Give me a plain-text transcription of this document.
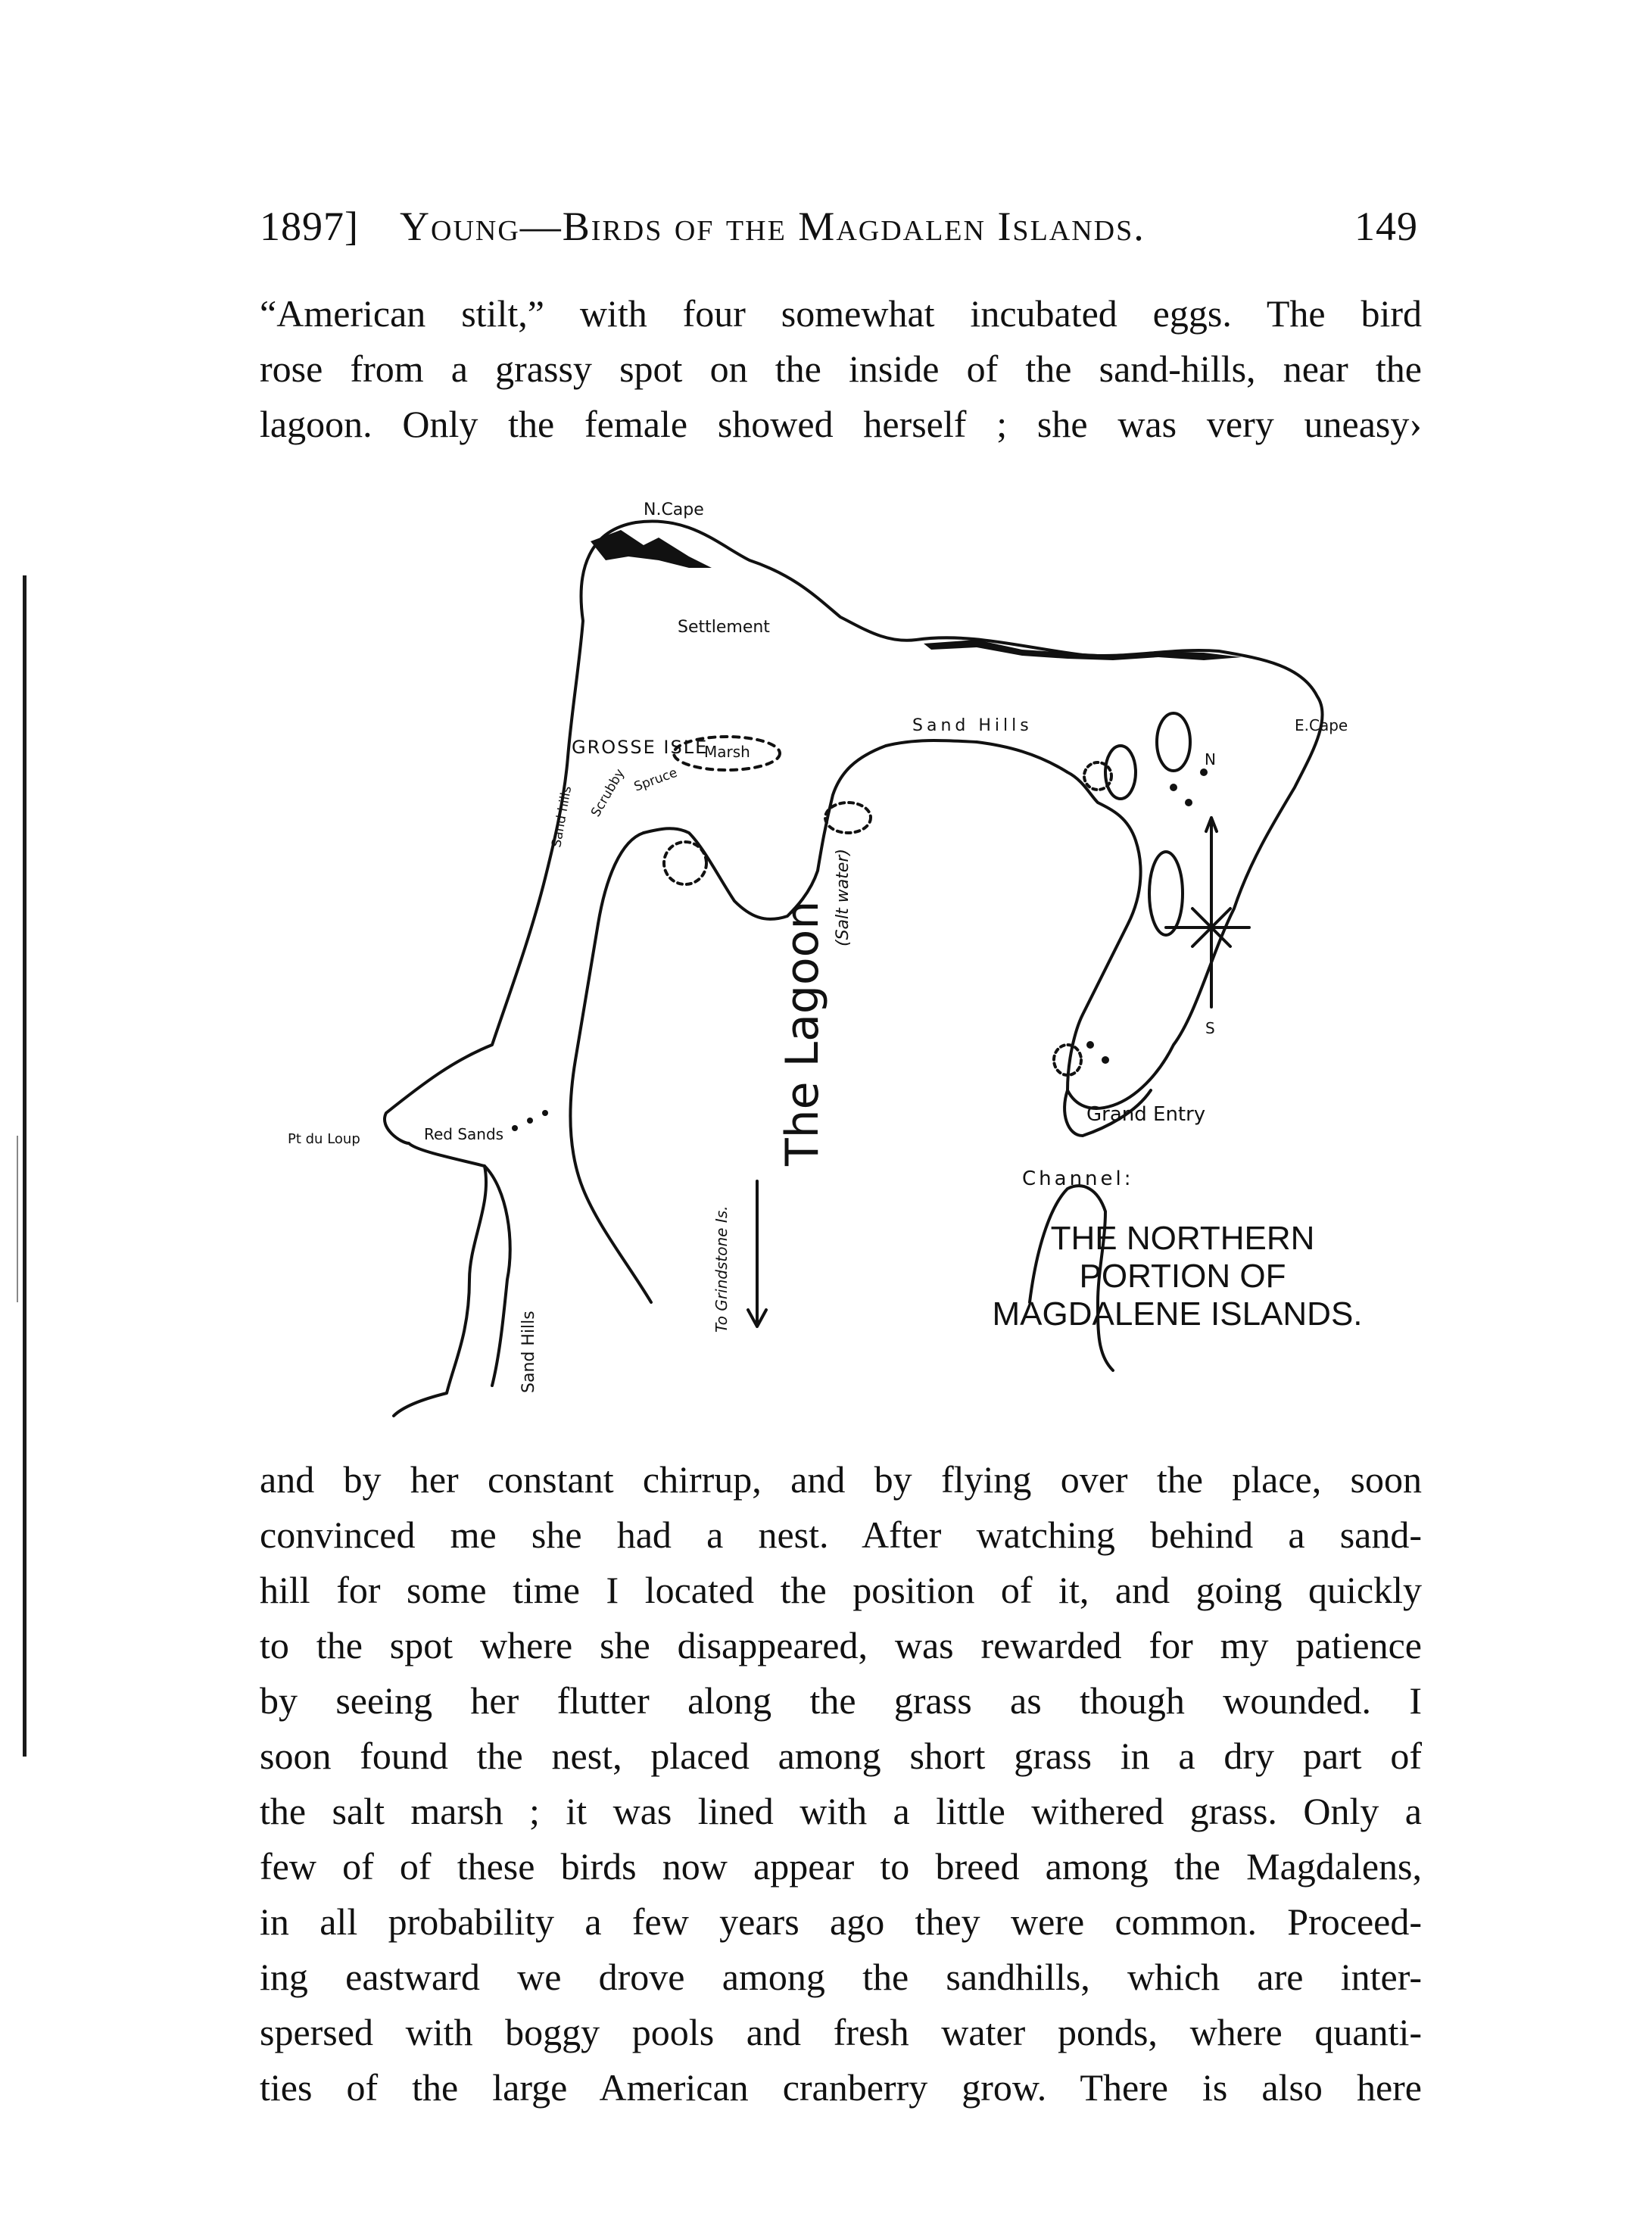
1897] Young—Birds of the Magdalen Islands.	149
“American stilt,” with four somewhat incubated eggs. The bird
rose from a grassy spot on the inside of the sand-hills, near the
lagoon. Only the female showed herself ; she was very uneasy›
N.Cape
Settlement
Marsh
Sand Hills
GROSSE ISLE
Spruce
Scrubby
Sand hills
(Salt water)
The Lagoon
Pt du Loup	Red Sands
To Grindstone Is.
Sand Hills
Grand Entry
Channel:
E.Cape
N
S
THE NORTHERN
PORTION OF
MAGDALENE ISLANDS.
and by her constant chirrup, and by flying over the place, soon
convinced me she had a nest. After watching behind a sand-
hill for some time I located the position of it, and going quickly
to the spot where she disappeared, was rewarded for my patience
by seeing her flutter along the grass as though wounded. I
soon found the nest, placed among short grass in a dry part of
the salt marsh ; it was lined with a little withered grass. Only a
few of of these birds now appear to breed among the Magdalens,
in all probability a few years ago they were common. Proceed-
ing eastward we drove among the sandhills, which are inter-
spersed with boggy pools and fresh water ponds, where quanti-
ties of the large American cranberry grow. There is also here
